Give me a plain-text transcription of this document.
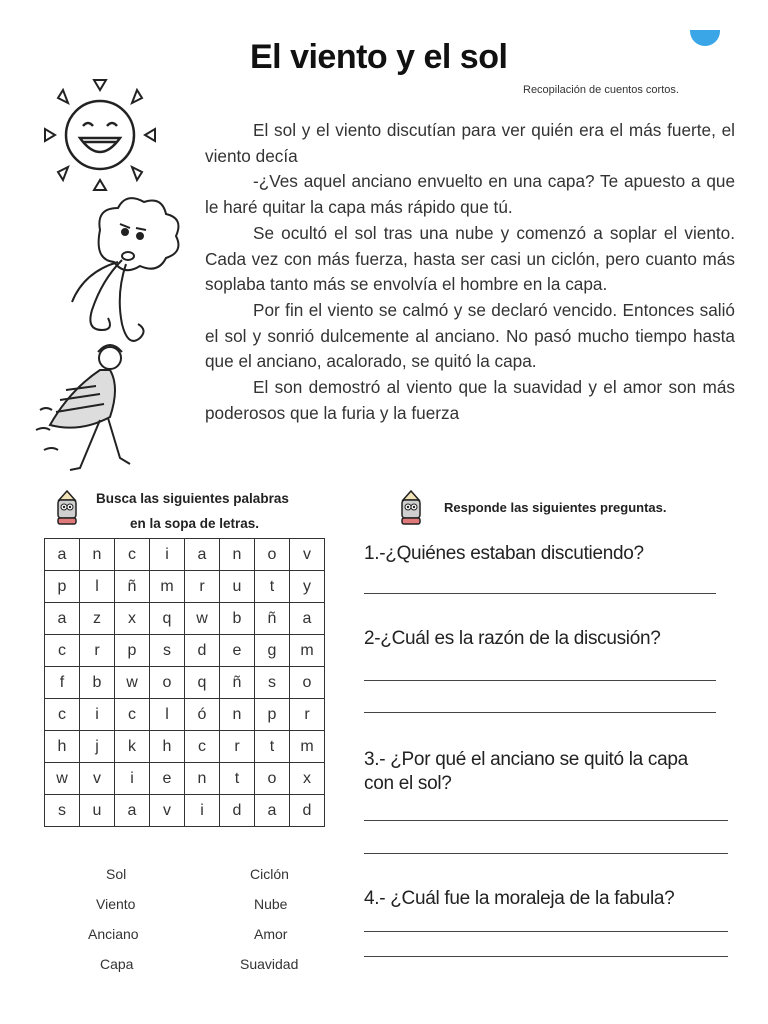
El viento y el sol
Recopilación de cuentos cortos.

El sol y el viento discutían para ver quién era el más fuerte, el viento decía

-¿Ves aquel anciano envuelto en una capa? Te apuesto a que le haré quitar la capa más rápido que tú.

Se ocultó el sol tras una nube y comenzó a soplar el viento. Cada vez con más fuerza, hasta ser casi un ciclón, pero cuanto más soplaba tanto más se envolvía el hombre en la capa.

Por fin el viento se calmó y se declaró vencido. Entonces salió el sol y sonrió dulcemente al anciano. No pasó mucho tiempo hasta que el anciano, acalorado, se quitó la capa.

El son demostró al viento que la suavidad y el amor son más poderosos que la furia y la fuerza

Busca las siguientes palabras
en la sopa de letras.
a	n	c	i	a	n	o	v
p	l	ñ	m	r	u	t	y
a	z	x	q	w	b	ñ	a
c	r	p	s	d	e	g	m
f	b	w	o	q	ñ	s	o
c	i	c	l	ó	n	p	r
h	j	k	h	c	r	t	m
w	v	i	e	n	t	o	x
s	u	a	v	i	d	a	d
Sol	Ciclón
Viento	Nube
Anciano	Amor
Capa	Suavidad
Responde las siguientes preguntas.
1.-¿Quiénes estaban discutiendo?
2-¿Cuál es la razón de la discusión?
3.- ¿Por qué el anciano se quitó la capa con el sol?
4.- ¿Cuál fue la moraleja de la fabula?
